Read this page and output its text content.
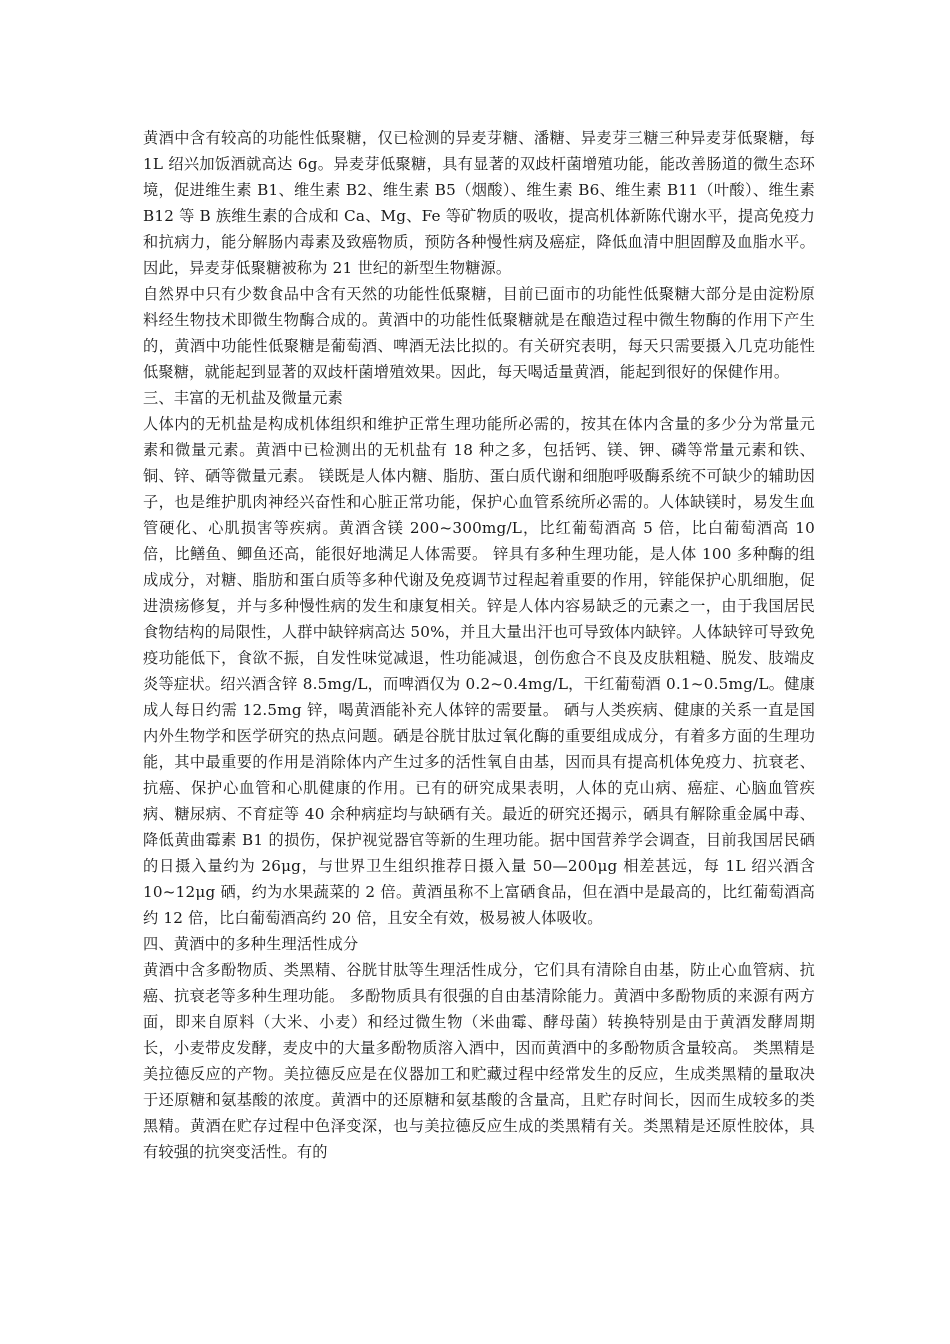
黄酒中含有较高的功能性低聚糖，仅已检测的异麦芽糖、潘糖、异麦芽三糖三种异麦芽低聚糖，每 1L 绍兴加饭酒就高达 6g。异麦芽低聚糖，具有显著的双歧杆菌增殖功能，能改善肠道的微生态环境，促进维生素 B1、维生素 B2、维生素 B5（烟酸）、维生素 B6、维生素 B11（叶酸）、维生素 B12 等 B 族维生素的合成和 Ca、Mg、Fe 等矿物质的吸收，提高机体新陈代谢水平，提高免疫力和抗病力，能分解肠内毒素及致癌物质，预防各种慢性病及癌症，降低血清中胆固醇及血脂水平。因此，异麦芽低聚糖被称为 21 世纪的新型生物糖源。

自然界中只有少数食品中含有天然的功能性低聚糖，目前已面市的功能性低聚糖大部分是由淀粉原料经生物技术即微生物酶合成的。黄酒中的功能性低聚糖就是在酿造过程中微生物酶的作用下产生的，黄酒中功能性低聚糖是葡萄酒、啤酒无法比拟的。有关研究表明，每天只需要摄入几克功能性低聚糖，就能起到显著的双歧杆菌增殖效果。因此，每天喝适量黄酒，能起到很好的保健作用。

三、丰富的无机盐及微量元素

人体内的无机盐是构成机体组织和维护正常生理功能所必需的，按其在体内含量的多少分为常量元素和微量元素。黄酒中已检测出的无机盐有 18 种之多，包括钙、镁、钾、磷等常量元素和铁、铜、锌、硒等微量元素。 镁既是人体内糖、脂肪、蛋白质代谢和细胞呼吸酶系统不可缺少的辅助因子，也是维护肌肉神经兴奋性和心脏正常功能，保护心血管系统所必需的。人体缺镁时，易发生血管硬化、心肌损害等疾病。黄酒含镁 200~300mg/L，比红葡萄酒高 5 倍，比白葡萄酒高 10 倍，比鳝鱼、鲫鱼还高，能很好地满足人体需要。 锌具有多种生理功能，是人体 100 多种酶的组成成分，对糖、脂肪和蛋白质等多种代谢及免疫调节过程起着重要的作用，锌能保护心肌细胞，促进溃疡修复，并与多种慢性病的发生和康复相关。锌是人体内容易缺乏的元素之一，由于我国居民食物结构的局限性，人群中缺锌病高达 50%，并且大量出汗也可导致体内缺锌。人体缺锌可导致免疫功能低下，食欲不振，自发性味觉减退，性功能减退，创伤愈合不良及皮肤粗糙、脱发、肢端皮炎等症状。绍兴酒含锌 8.5mg/L，而啤酒仅为 0.2~0.4mg/L，干红葡萄酒 0.1~0.5mg/L。健康成人每日约需 12.5mg 锌，喝黄酒能补充人体锌的需要量。 硒与人类疾病、健康的关系一直是国内外生物学和医学研究的热点问题。硒是谷胱甘肽过氧化酶的重要组成成分，有着多方面的生理功能，其中最重要的作用是消除体内产生过多的活性氧自由基，因而具有提高机体免疫力、抗衰老、抗癌、保护心血管和心肌健康的作用。已有的研究成果表明，人体的克山病、癌症、心脑血管疾病、糖尿病、不育症等 40 余种病症均与缺硒有关。最近的研究还揭示，硒具有解除重金属中毒、降低黄曲霉素 B1 的损伤，保护视觉器官等新的生理功能。据中国营养学会调查，目前我国居民硒的日摄入量约为 26μg，与世界卫生组织推荐日摄入量 50—200μg 相差甚远，每 1L 绍兴酒含 10~12μg 硒，约为水果蔬菜的 2 倍。黄酒虽称不上富硒食品，但在酒中是最高的，比红葡萄酒高约 12 倍，比白葡萄酒高约 20 倍，且安全有效，极易被人体吸收。

四、黄酒中的多种生理活性成分

黄酒中含多酚物质、类黑精、谷胱甘肽等生理活性成分，它们具有清除自由基，防止心血管病、抗癌、抗衰老等多种生理功能。 多酚物质具有很强的自由基清除能力。黄酒中多酚物质的来源有两方面，即来自原料（大米、小麦）和经过微生物（米曲霉、酵母菌）转换特别是由于黄酒发酵周期长，小麦带皮发酵，麦皮中的大量多酚物质溶入酒中，因而黄酒中的多酚物质含量较高。 类黑精是美拉德反应的产物。美拉德反应是在仪器加工和贮藏过程中经常发生的反应，生成类黑精的量取决于还原糖和氨基酸的浓度。黄酒中的还原糖和氨基酸的含量高，且贮存时间长，因而生成较多的类黑精。黄酒在贮存过程中色泽变深，也与美拉德反应生成的类黑精有关。类黑精是还原性胶体，具有较强的抗突变活性。有的
